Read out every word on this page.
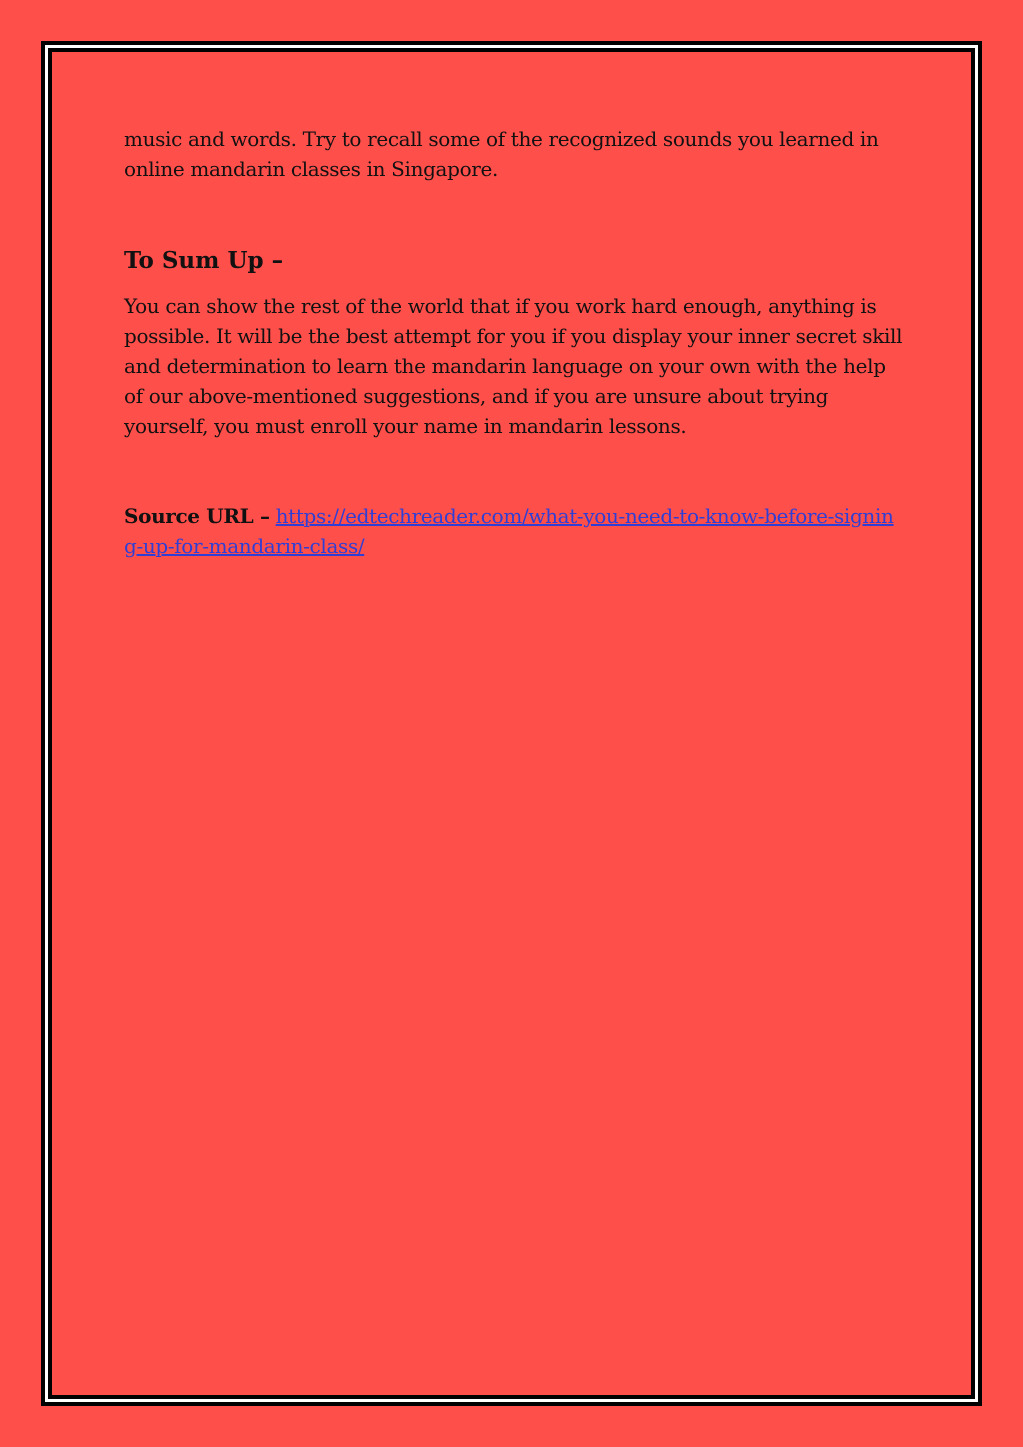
music and words. Try to recall some of the recognized sounds you learned in online mandarin classes in Singapore.

To Sum Up –

You can show the rest of the world that if you work hard enough, anything is possible. It will be the best attempt for you if you display your inner secret skill and determination to learn the mandarin language on your own with the help of our above-mentioned suggestions, and if you are unsure about trying yourself, you must enroll your name in mandarin lessons.

Source URL – https://edtechreader.com/what-you-need-to-know-before-signing-up-for-mandarin-class/
